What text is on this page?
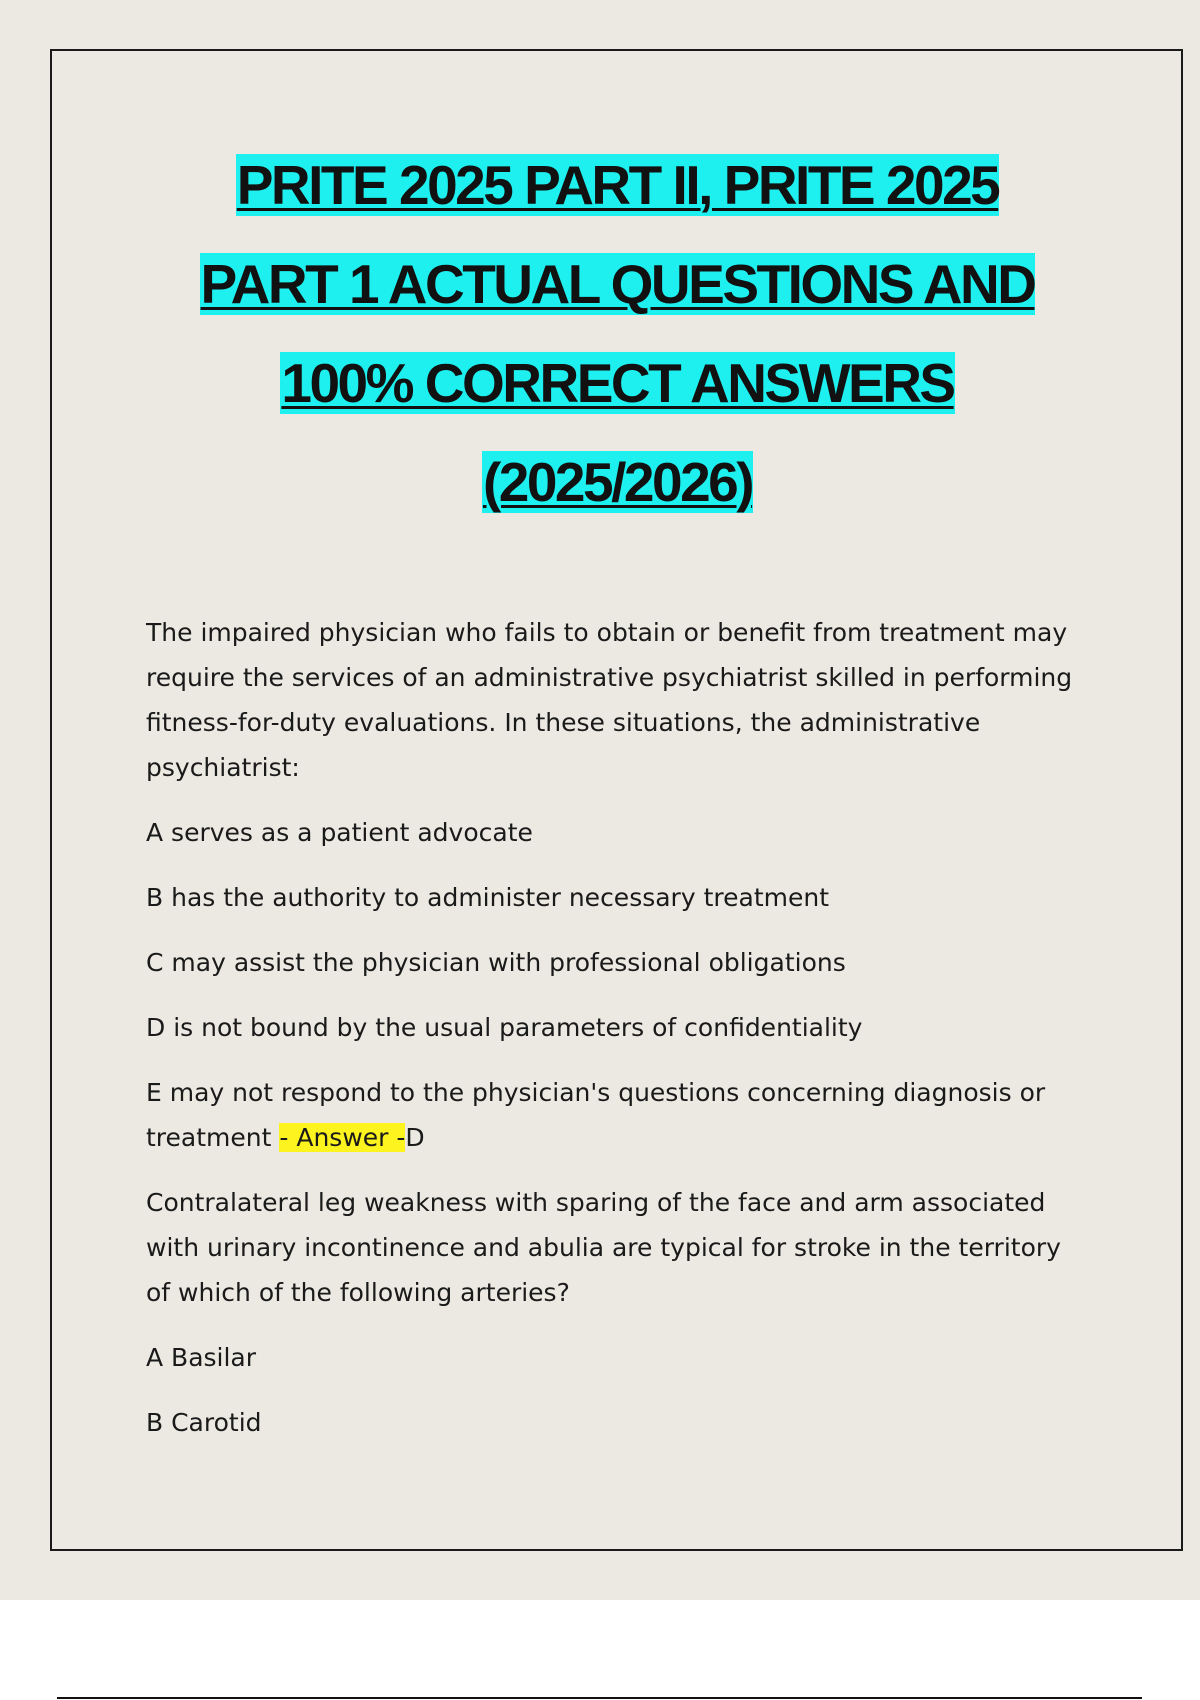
PRITE 2025 PART II, PRITE 2025
PART 1 ACTUAL QUESTIONS AND
100% CORRECT ANSWERS
(2025/2026)

The impaired physician who fails to obtain or benefit from treatment may require the services of an administrative psychiatrist skilled in performing fitness-for-duty evaluations. In these situations, the administrative psychiatrist:

A serves as a patient advocate

B has the authority to administer necessary treatment

C may assist the physician with professional obligations

D is not bound by the usual parameters of confidentiality

E may not respond to the physician's questions concerning diagnosis or treatment - Answer -D

Contralateral leg weakness with sparing of the face and arm associated with urinary incontinence and abulia are typical for stroke in the territory of which of the following arteries?

A Basilar

B Carotid
